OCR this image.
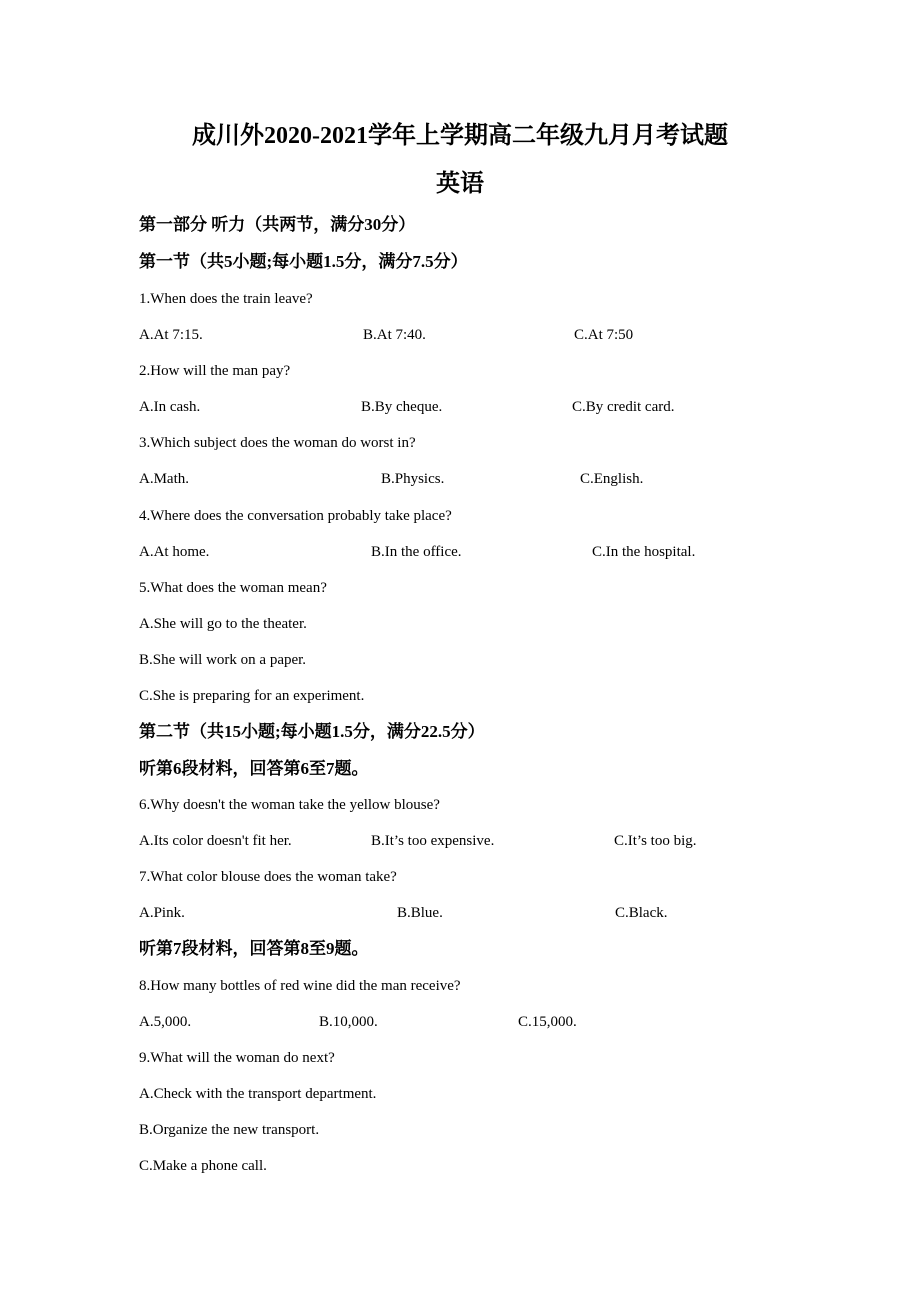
成川外2020-2021学年上学期高二年级九月月考试题
英语

第一部分 听力（共两节，满分30分）

第一节（共5小题;每小题1.5分，满分7.5分）

1.When does the train leave?

A.At 7:15.	B.At 7:40.	C.At 7:50

2.How will the man pay?

A.In cash.	B.By cheque.	C.By credit card.

3.Which subject does the woman do worst in?

A.Math.	B.Physics.	C.English.

4.Where does the conversation probably take place?

A.At home.	B.In the office.	C.In the hospital.

5.What does the woman mean?

A.She will go to the theater.

B.She will work on a paper.

C.She is preparing for an experiment.

第二节（共15小题;每小题1.5分，满分22.5分）

听第6段材料，回答第6至7题。

6.Why doesn't the woman take the yellow blouse?

A.Its color doesn't fit her.	B.It’s too expensive.	C.It’s too big.

7.What color blouse does the woman take?

A.Pink.	B.Blue.	C.Black.

听第7段材料，回答第8至9题。

8.How many bottles of red wine did the man receive?

A.5,000.	B.10,000.	C.15,000.

9.What will the woman do next?

A.Check with the transport department.

B.Organize the new transport.

C.Make a phone call.
